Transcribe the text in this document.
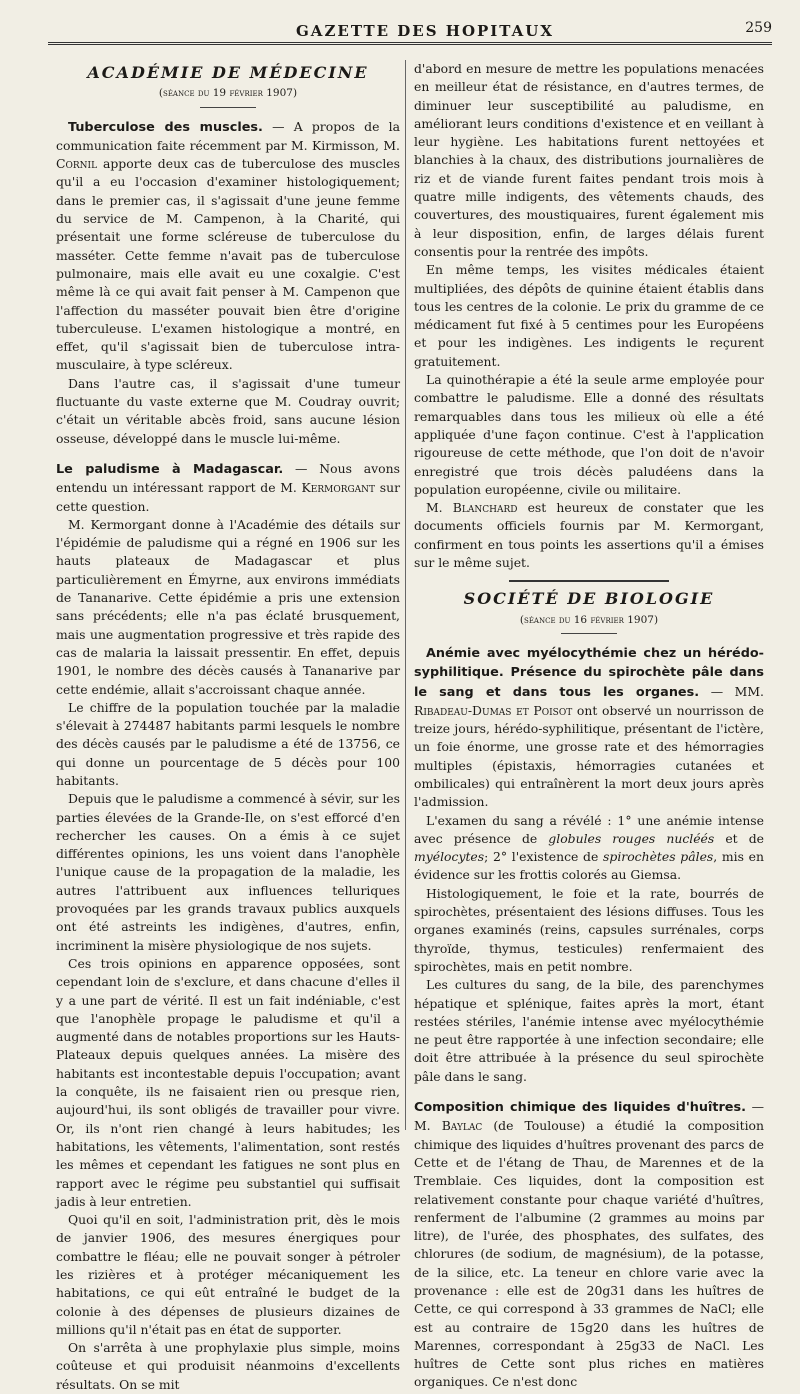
GAZETTE DES HOPITAUX	259
ACADÉMIE DE MÉDECINE
(séance du 19 février 1907)

Tuberculose des muscles. — A propos de la communication faite récemment par M. Kirmisson, M. Cornil apporte deux cas de tuberculose des muscles qu'il a eu l'occasion d'examiner histologiquement; dans le premier cas, il s'agissait d'une jeune femme du service de M. Campenon, à la Charité, qui présentait une forme scléreuse de tuberculose du masséter. Cette femme n'avait pas de tuberculose pulmonaire, mais elle avait eu une coxalgie. C'est même là ce qui avait fait penser à M. Campenon que l'affection du masséter pouvait bien être d'origine tuberculeuse. L'examen histologique a montré, en effet, qu'il s'agissait bien de tuberculose intra-musculaire, à type scléreux.

Dans l'autre cas, il s'agissait d'une tumeur fluctuante du vaste externe que M. Coudray ouvrit; c'était un véritable abcès froid, sans aucune lésion osseuse, développé dans le muscle lui-même.

Le paludisme à Madagascar. — Nous avons entendu un intéressant rapport de M. Kermorgant sur cette question.

M. Kermorgant donne à l'Académie des détails sur l'épidémie de paludisme qui a régné en 1906 sur les hauts plateaux de Madagascar et plus particulièrement en Émyrne, aux environs immédiats de Tananarive. Cette épidémie a pris une extension sans précédents; elle n'a pas éclaté brusquement, mais une augmentation progressive et très rapide des cas de malaria la laissait pressentir. En effet, depuis 1901, le nombre des décès causés à Tananarive par cette endémie, allait s'accroissant chaque année.

Le chiffre de la population touchée par la maladie s'élevait à 274487 habitants parmi lesquels le nombre des décès causés par le paludisme a été de 13756, ce qui donne un pourcentage de 5 décès pour 100 habitants.

Depuis que le paludisme a commencé à sévir, sur les parties élevées de la Grande-Ile, on s'est efforcé d'en rechercher les causes. On a émis à ce sujet différentes opinions, les uns voient dans l'anophèle l'unique cause de la propagation de la maladie, les autres l'attribuent aux influences telluriques provoquées par les grands travaux publics auxquels ont été astreints les indigènes, d'autres, enfin, incriminent la misère physiologique de nos sujets.

Ces trois opinions en apparence opposées, sont cependant loin de s'exclure, et dans chacune d'elles il y a une part de vérité. Il est un fait indéniable, c'est que l'anophèle propage le paludisme et qu'il a augmenté dans de notables proportions sur les Hauts-Plateaux depuis quelques années. La misère des habitants est incontestable depuis l'occupation; avant la conquête, ils ne faisaient rien ou presque rien, aujourd'hui, ils sont obligés de travailler pour vivre. Or, ils n'ont rien changé à leurs habitudes; les habitations, les vêtements, l'alimentation, sont restés les mêmes et cependant les fatigues ne sont plus en rapport avec le régime peu substantiel qui suffisait jadis à leur entretien.

Quoi qu'il en soit, l'administration prit, dès le mois de janvier 1906, des mesures énergiques pour combattre le fléau; elle ne pouvait songer à pétroler les rizières et à protéger mécaniquement les habitations, ce qui eût entraîné le budget de la colonie à des dépenses de plusieurs dizaines de millions qu'il n'était pas en état de supporter.

On s'arrêta à une prophylaxie plus simple, moins coûteuse et qui produisit néanmoins d'excellents résultats. On se mit

d'abord en mesure de mettre les populations menacées en meilleur état de résistance, en d'autres termes, de diminuer leur susceptibilité au paludisme, en améliorant leurs conditions d'existence et en veillant à leur hygiène. Les habitations furent nettoyées et blanchies à la chaux, des distributions journalières de riz et de viande furent faites pendant trois mois à quatre mille indigents, des vêtements chauds, des couvertures, des moustiquaires, furent également mis à leur disposition, enfin, de larges délais furent consentis pour la rentrée des impôts.

En même temps, les visites médicales étaient multipliées, des dépôts de quinine étaient établis dans tous les centres de la colonie. Le prix du gramme de ce médicament fut fixé à 5 centimes pour les Européens et pour les indigènes. Les indigents le reçurent gratuitement.

La quinothérapie a été la seule arme employée pour combattre le paludisme. Elle a donné des résultats remarquables dans tous les milieux où elle a été appliquée d'une façon continue. C'est à l'application rigoureuse de cette méthode, que l'on doit de n'avoir enregistré que trois décès paludéens dans la population européenne, civile ou militaire.

M. Blanchard est heureux de constater que les documents officiels fournis par M. Kermorgant, confirment en tous points les assertions qu'il a émises sur le même sujet.

SOCIÉTÉ DE BIOLOGIE
(séance du 16 février 1907)

Anémie avec myélocythémie chez un hérédo-syphilitique. Présence du spirochète pâle dans le sang et dans tous les organes. — MM. Ribadeau-Dumas et Poisot ont observé un nourrisson de treize jours, hérédo-syphilitique, présentant de l'ictère, un foie énorme, une grosse rate et des hémorragies multiples (épistaxis, hémorragies cutanées et ombilicales) qui entraînèrent la mort deux jours après l'admission.

L'examen du sang a révélé : 1° une anémie intense avec présence de globules rouges nucléés et de myélocytes; 2° l'existence de spirochètes pâles, mis en évidence sur les frottis colorés au Giemsa.

Histologiquement, le foie et la rate, bourrés de spirochètes, présentaient des lésions diffuses. Tous les organes examinés (reins, capsules surrénales, corps thyroïde, thymus, testicules) renfermaient des spirochètes, mais en petit nombre.

Les cultures du sang, de la bile, des parenchymes hépatique et splénique, faites après la mort, étant restées stériles, l'anémie intense avec myélocythémie ne peut être rapportée à une infection secondaire; elle doit être attribuée à la présence du seul spirochète pâle dans le sang.

Composition chimique des liquides d'huîtres. — M. Baylac (de Toulouse) a étudié la composition chimique des liquides d'huîtres provenant des parcs de Cette et de l'étang de Thau, de Marennes et de la Tremblaie. Ces liquides, dont la composition est relativement constante pour chaque variété d'huîtres, renferment de l'albumine (2 grammes au moins par litre), de l'urée, des phosphates, des sulfates, des chlorures (de sodium, de magnésium), de la potasse, de la silice, etc. La teneur en chlore varie avec la provenance : elle est de 20g31 dans les huîtres de Cette, ce qui correspond à 33 grammes de NaCl; elle est au contraire de 15g20 dans les huîtres de Marennes, correspondant à 25g33 de NaCl. Les huîtres de Cette sont plus riches en matières organiques. Ce n'est donc
